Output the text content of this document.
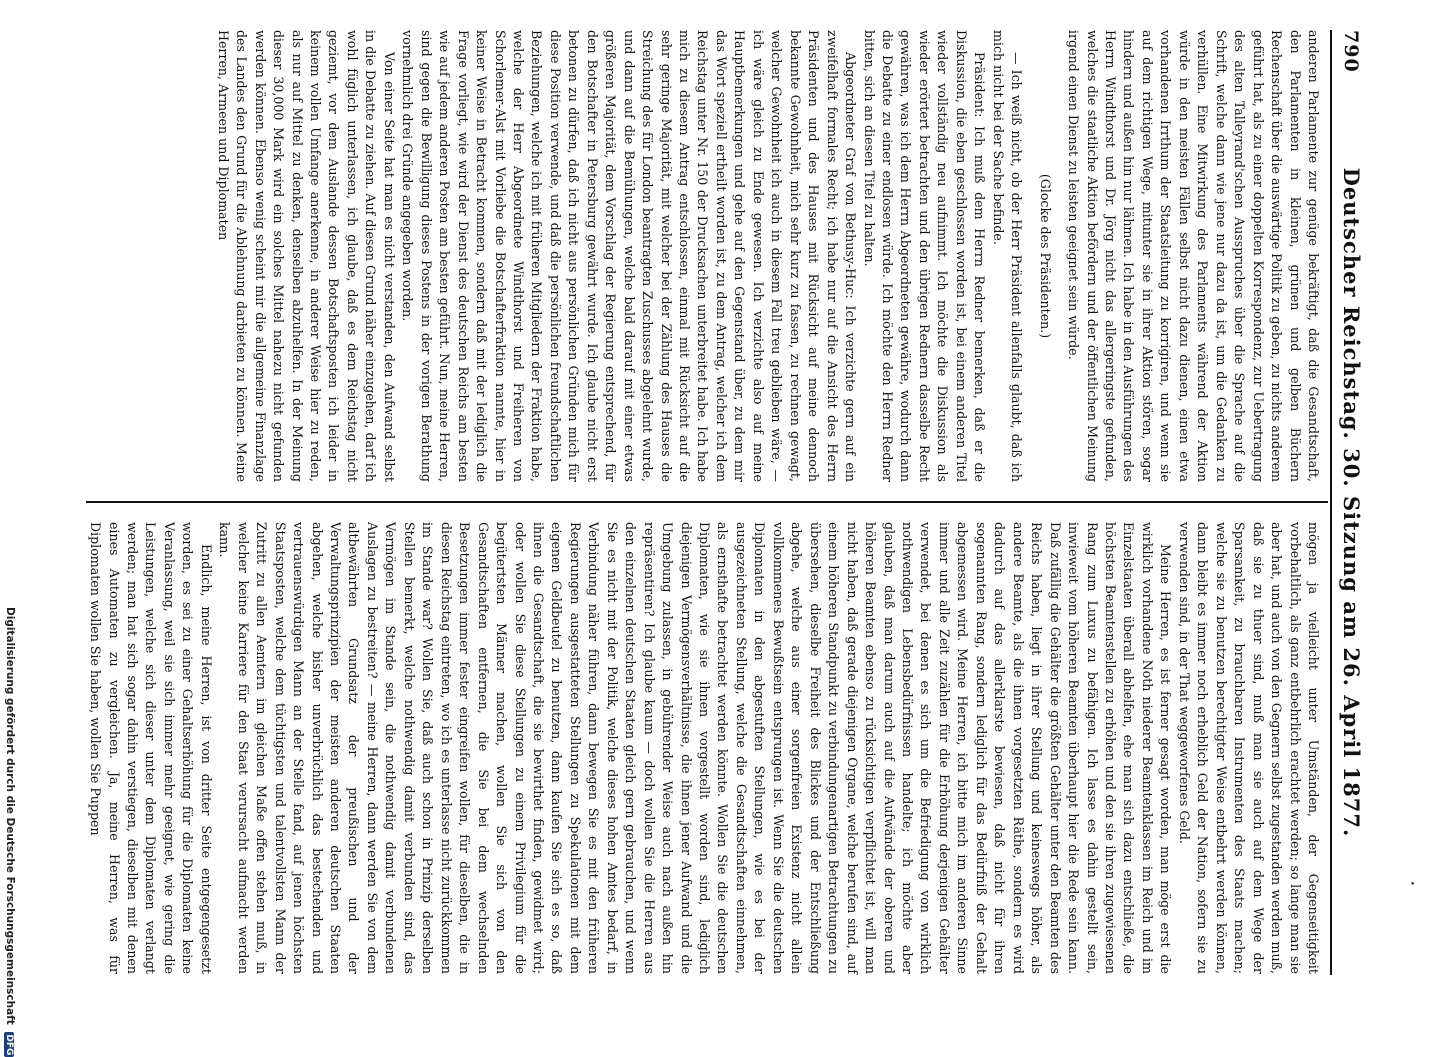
790
Deutscher Reichstag. 30. Sitzung am 26. April 1877.

anderen Parlamente zur genüge bekräftigt, daß die Gesandtschaft, den Parlamenten in kleinen, grünen und gelben Büchern Rechenschaft über die auswärtige Politik zu geben, zu nichts anderem geführt hat, als zu einer doppelten Korrespondenz, zur Uebertragung des alten Talleyrand'schen Ausspruches über die Sprache auf die Schrift, welche dann wie jene nur dazu da ist, um die Gedanken zu verhüllen. Eine Mitwirkung des Parlaments während der Aktion würde in den meisten Fällen selbst nicht dazu dienen, einen etwa vorhandenen Irrthum der Staatsleitung zu korrigiren, und wenn sie auf dem richtigen Wege, mitunter sie in ihrer Aktion stören, sogar hindern und außen hin nur lähmen. Ich habe in den Ausführungen des Herrn Windthorst und Dr. Jörg nicht das allergeringste gefunden, welches die staatliche Aktion befördern und der öffentlichen Meinung irgend einen Dienst zu leisten geeignet sein würde.

(Glocke des Präsidenten.)

— Ich weiß nicht, ob der Herr Präsident allenfalls glaubt, daß ich mich nicht bei der Sache befinde.

Präsident: Ich muß dem Herrn Redner bemerken, daß er die Diskussion, die eben geschlossen worden ist, bei einem anderen Titel wieder vollständig neu aufnimmt. Ich möchte die Diskussion als wieder erörtert betrachten und den übrigen Rednern dasselbe Recht gewähren, was ich dem Herrn Abgeordneten gewähre, wodurch dann die Debatte zu einer endlosen würde. Ich möchte den Herrn Redner bitten, sich an diesen Titel zu halten.

Abgeordneter Graf von Bethusy-Huc: Ich verzichte gern auf ein zweifelhaft formales Recht; ich habe nur auf die Ansicht des Herrn Präsidenten und des Hauses mit Rücksicht auf meine dennoch bekannte Gewohnheit, mich sehr kurz zu fassen, zu rechnen gewagt, welcher Gewohnheit ich auch in diesem Fall treu geblieben wäre, — ich wäre gleich zu Ende gewesen. Ich verzichte also auf meine Hauptbemerkungen und gehe auf den Gegenstand über, zu dem mir das Wort speziell ertheilt worden ist, zu dem Antrag, welcher ich dem Reichstag unter Nr. 150 der Drucksachen unterbreitet habe. Ich habe mich zu diesem Antrag entschlossen, einmal mit Rücksicht auf die sehr geringe Majorität, mit welcher bei der Zählung des Hauses die Streichung des für London beantragten Zuschusses abgelehnt wurde, und dann auf die Bemühungen, welche bald darauf mit einer etwas größeren Majorität, dem Vorschlag der Regierung entsprechend, für den Botschafter in Petersburg gewährt wurde. Ich glaube nicht erst betonen zu dürfen, daß ich nicht aus persönlichen Gründen mich für diese Position verwende, und daß die persönlichen freundschaftlichen Beziehungen, welche ich mit früheren Mitgliedern der Fraktion habe, welche der Herr Abgeordnete Windthorst und Freiheren von Schorlemer-Alst mit Vorliebe die Botschafterfraktion nannte, hier in keiner Weise in Betracht kommen, sondern daß mit der lediglich die Frage vorliegt, wie wird der Dienst des deutschen Reichs am besten wie auf jedem anderen Posten am besten geführt. Nun, meine Herren, sind gegen die Bewilligung dieses Postens in der vorigen Berathung vornehmlich drei Gründe angegeben worden.

Von einer Seite hat man es nicht verstanden, den Aufwand selbst in die Debatte zu ziehen. Auf diesen Grund näher einzugehen, darf ich wohl füglich unterlassen, ich glaube, daß es dem Reichstag nicht geziemt, vor dem Auslande dessen Botschaftsposten ich leider in keinem vollen Umfange anerkenne, in anderer Weise hier zu reden, als nur auf Mittel zu denken, denselben abzuhelfen. In der Meinung dieser 30,000 Mark wird ein solches Mittel nahezu nicht gefunden werden können. Ebenso wenig scheint mir die allgemeine Finanzlage des Landes den Grund für die Ablehnung darbieten zu können. Meine Herren, Armeen und Diplomaten

mögen ja vielleicht unter Umständen, der Gegenseitigkeit vorbehaltlich, als ganz entbehrlich erachtet werden; so lange man sie aber hat, und auch von den Gegnern selbst zugestanden werden muß, daß sie zu thuer sind, muß man sie auch auf dem Wege der Sparsamkeit, zu brauchbaren Instrumenten des Staats machen; welche sie zu benutzen berechtigter Weise entbehrt werden können, dann bleibt es immer noch erheblich Geld der Nation, sofern sie zu verwenden sind, in der That weggeworfenes Geld.

Meine Herren, es ist ferner gesagt worden, man möge erst die wirklich vorhandene Noth niederer Beamtenklassen im Reich und im Einzelstaaten überall abhelfen, ehe man sich dazu entschließe, die höchsten Beamtenstellen zu erhöhen und den sie ihren zugewiesenen Rang zum Luxus zu befähigen. Ich lasse es dahin gestellt sein, inwieweit vom höheren Beamten überhaupt hier die Rede sein kann. Daß zufällig die Gehälter die größten Gehälter unter den Beamten des Reichs haben, liegt in ihrer Stellung und keineswegs höher, als andere Beamte, als die ihnen vorgesetzten Räthe, sondern es wird dadurch auf das allerklarste bewiesen, daß nicht für ihren sogenannten Rang, sondern lediglich für das Bedürfniß der Gehalt abgemessen wird. Meine Herren, ich bitte mich im anderen Sinne immer und alle Zeit zuzählen für die Erhöhung derjenigen Gehälter verwendet, bei denen es sich um die Befriedigung von wirklich nothwendigen Lebensbedürfnissen handelte; ich möchte aber glauben, daß man darum auch auf die Aufwände der oberen und höheren Beamten ebenso zu rücksichtigen verpflichtet ist, will man nicht haben, daß gerade diejenigen Organe, welche berufen sind, auf einem höheren Standpunkt zu verbindungenartigen Betrachtungen zu übersehen, dieselbe Freiheit des Blickes und der Entschließung abgehe, welche aus einer sorgenfreien Existenz nicht allein vollkommenes Bewußtsein entsprungen ist. Wenn Sie die deutschen Diplomaten in den abgestuften Stellungen, wie es bei der ausgezeichneten Stellung, welche die Gesandtschaften einnehmen, als ernsthafte betrachtet werden könnte. Wollen Sie die deutschen Diplomaten, wie sie ihnen vorgestellt worden sind, lediglich diejenigen Vermögensverhältnisse, die ihnen jener Aufwand und die Umgebung zulassen, in gebührender Weise auch nach außen hin repräsentiren? Ich glaube kaum — doch wollen Sie die Herren aus den einzelnen deutschen Staaten gleich gern gebrauchen, und wenn Sie es nicht mit der Politik, welche dieses hohen Amtes bedarf, in Verbindung näher führen, dann bewegen Sie es mit den früheren Regierungen ausgestatteten Stellungen zu Spekulationen mit dem eigenen Geldbeutel zu benutzen, dann kaufen Sie sich es so, daß ihnen die Gesandtschaft, die sie bewirthet finden, gewidmet wird; oder wollen Sie diese Stellungen zu einem Privilegium für die begütertsten Männer machen, wollen Sie sich von den Gesandtschaften entfernen, die Sie bei dem wechselnden Besetzungen immer fester eingreifen wollen, für dieselben, die in diesen Reichstag eintreten, wo ich es unterlasse nicht zurückkommen im Stande war? Wollen Sie, daß auch schon in Prinzip derselben Stellen bemerkt, welche nothwendig damit verbunden sind, das Vermögen im Stande sein, die nothwendig damit verbundenen Auslagen zu bestreiten? — meine Herren, dann werden Sie von dem altbewährten Grundsatz der preußischen und der Verwaltungsprinzipien der meisten anderen deutschen Staaten abgehen, welche bisher unverbrüchlich das bestechenden und vertrauenswürdigen Mann an der Stelle fand, auf jenen höchsten Staatsposten, welche dem tüchtigsten und talentvollsten Mann der Zutritt zu allen Aemtern im gleichen Maße offen stehen muß, in welcher keine Karriere für den Staat verursacht aufmacht werden kann.

Endlich, meine Herren, ist von dritter Seite entgegengesetzt worden, es sei zu einer Gehaltserhöhung für die Diplomaten keine Veranlassung, weil sie sich immer mehr geeignet, wie gering die Leistungen, welche sich dieser unter dem Diplomaten verlangt werden; man hat sich sogar dahin verstiegen, dieselben mit denen eines Automaten zu vergleichen. Ja, meine Herren, was für Diplomaten wollen Sie haben, wollen Sie Puppen

Digitalisierung gefördert durch die Deutsche Forschungsgemeinschaft DFG
•
